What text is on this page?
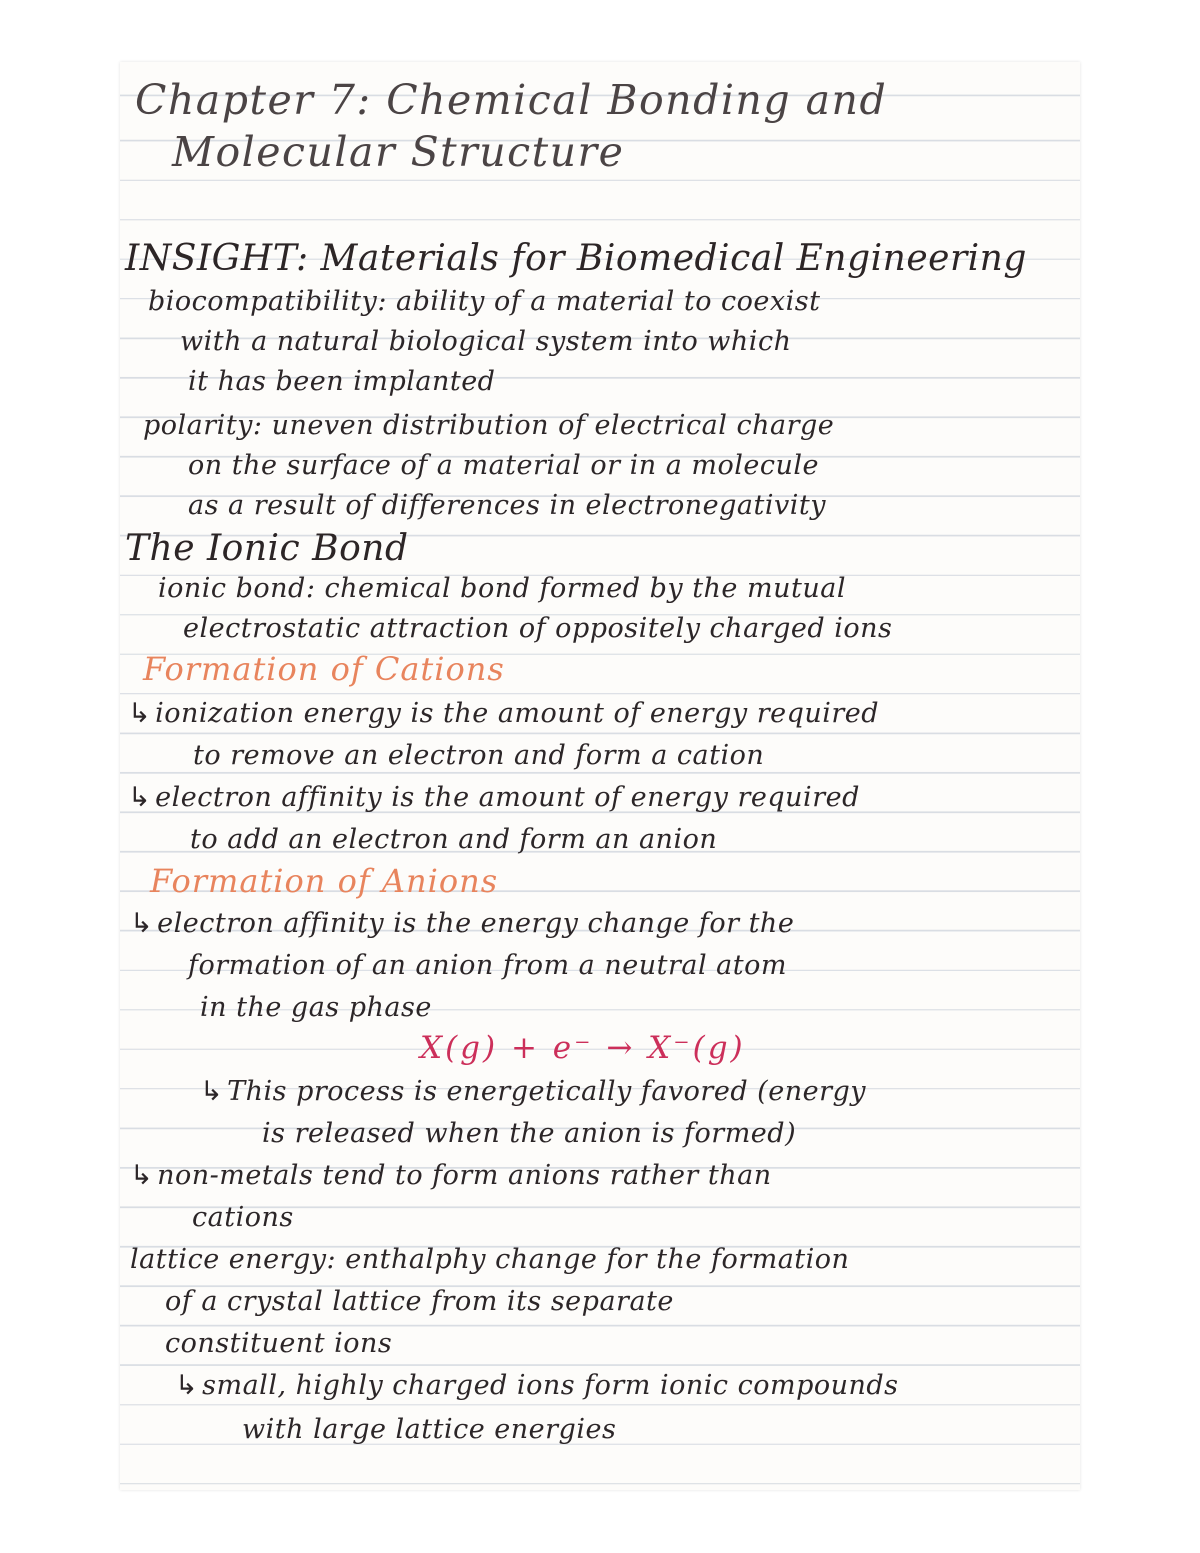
Chapter 7: Chemical Bonding and
Molecular Structure
INSIGHT: Materials for Biomedical Engineering
biocompatibility: ability of a material to coexist
with a natural biological system into which
it has been implanted
polarity: uneven distribution of electrical charge
on the surface of a material or in a molecule
as a result of differences in electronegativity
The Ionic Bond
ionic bond: chemical bond formed by the mutual
electrostatic attraction of oppositely charged ions
Formation of Cations
↳ ionization energy is the amount of energy required
to remove an electron and form a cation
↳ electron affinity is the amount of energy required
to add an electron and form an anion
Formation of Anions
↳ electron affinity is the energy change for the
formation of an anion from a neutral atom
in the gas phase
X(g) + e⁻ → X⁻(g)
↳ This process is energetically favored (energy
is released when the anion is formed)
↳ non-metals tend to form anions rather than
cations
lattice energy: enthalphy change for the formation
of a crystal lattice from its separate
constituent ions
↳ small, highly charged ions form ionic compounds
with large lattice energies
